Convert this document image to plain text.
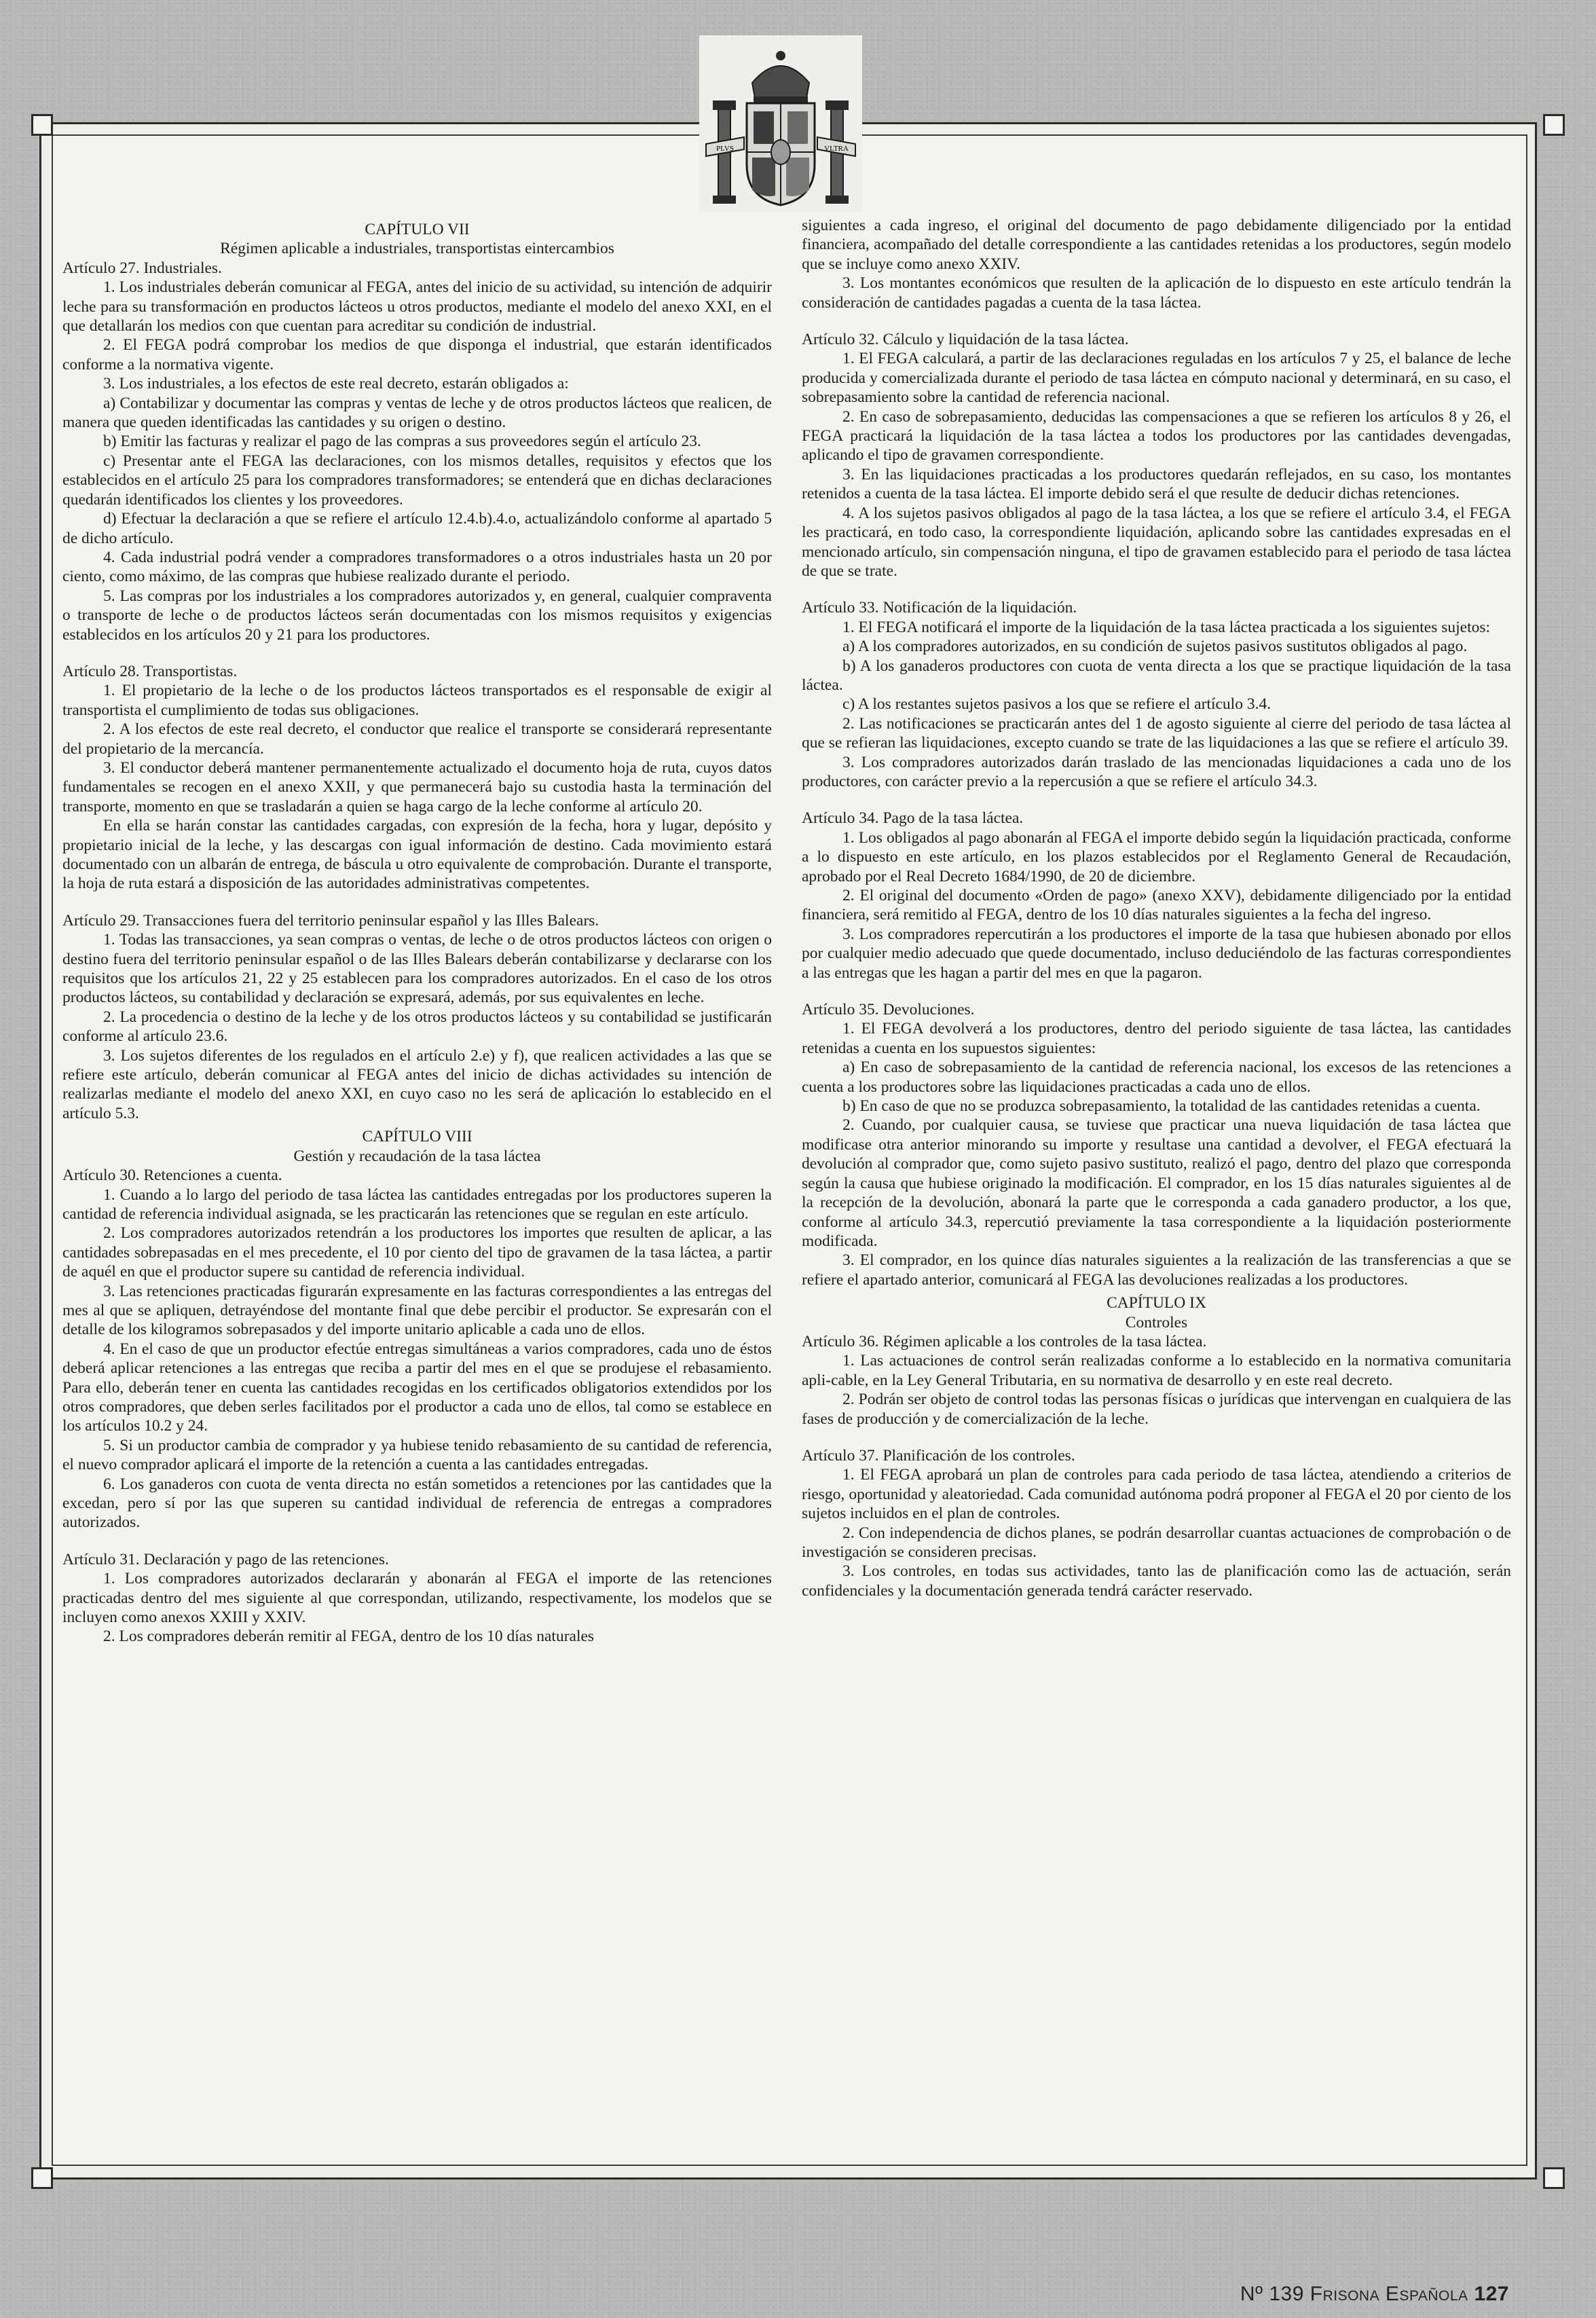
PLVS	VLTRA

CAPÍTULO VII

Régimen aplicable a industriales, transportistas eintercambios

Artículo 27. Industriales.

1. Los industriales deberán comunicar al FEGA, antes del inicio de su actividad, su intención de adquirir leche para su transformación en productos lácteos u otros productos, mediante el modelo del anexo XXI, en el que detallarán los medios con que cuentan para acreditar su condición de industrial.

2. El FEGA podrá comprobar los medios de que disponga el industrial, que estarán identificados conforme a la normativa vigente.

3. Los industriales, a los efectos de este real decreto, estarán obligados a:

a) Contabilizar y documentar las compras y ventas de leche y de otros productos lácteos que realicen, de manera que queden identificadas las cantidades y su origen o destino.

b) Emitir las facturas y realizar el pago de las compras a sus proveedores según el artículo 23.

c) Presentar ante el FEGA las declaraciones, con los mismos detalles, requisitos y efectos que los establecidos en el artículo 25 para los compradores transformadores; se entenderá que en dichas declaraciones quedarán identificados los clientes y los proveedores.

d) Efectuar la declaración a que se refiere el artículo 12.4.b).4.o, actualizándolo conforme al apartado 5 de dicho artículo.

4. Cada industrial podrá vender a compradores transformadores o a otros industriales hasta un 20 por ciento, como máximo, de las compras que hubiese realizado durante el periodo.

5. Las compras por los industriales a los compradores autorizados y, en general, cualquier compraventa o transporte de leche o de productos lácteos serán documentadas con los mismos requisitos y exigencias establecidos en los artículos 20 y 21 para los productores.

Artículo 28. Transportistas.

1. El propietario de la leche o de los productos lácteos transportados es el responsable de exigir al transportista el cumplimiento de todas sus obligaciones.

2. A los efectos de este real decreto, el conductor que realice el transporte se considerará representante del propietario de la mercancía.

3. El conductor deberá mantener permanentemente actualizado el documento hoja de ruta, cuyos datos fundamentales se recogen en el anexo XXII, y que permanecerá bajo su custodia hasta la terminación del transporte, momento en que se trasladarán a quien se haga cargo de la leche conforme al artículo 20.

En ella se harán constar las cantidades cargadas, con expresión de la fecha, hora y lugar, depósito y propietario inicial de la leche, y las descargas con igual información de destino. Cada movimiento estará documentado con un albarán de entrega, de báscula u otro equivalente de comprobación. Durante el transporte, la hoja de ruta estará a disposición de las autoridades administrativas competentes.

Artículo 29. Transacciones fuera del territorio peninsular español y las Illes Balears.

1. Todas las transacciones, ya sean compras o ventas, de leche o de otros productos lácteos con origen o destino fuera del territorio peninsular español o de las Illes Balears deberán contabilizarse y declararse con los requisitos que los artículos 21, 22 y 25 establecen para los compradores autorizados. En el caso de los otros productos lácteos, su contabilidad y declaración se expresará, además, por sus equivalentes en leche.

2. La procedencia o destino de la leche y de los otros productos lácteos y su contabilidad se justificarán conforme al artículo 23.6.

3. Los sujetos diferentes de los regulados en el artículo 2.e) y f), que realicen actividades a las que se refiere este artículo, deberán comunicar al FEGA antes del inicio de dichas actividades su intención de realizarlas mediante el modelo del anexo XXI, en cuyo caso no les será de aplicación lo establecido en el artículo 5.3.

CAPÍTULO VIII

Gestión y recaudación de la tasa láctea

Artículo 30. Retenciones a cuenta.

1. Cuando a lo largo del periodo de tasa láctea las cantidades entregadas por los productores superen la cantidad de referencia individual asignada, se les practicarán las retenciones que se regulan en este artículo.

2. Los compradores autorizados retendrán a los productores los importes que resulten de aplicar, a las cantidades sobrepasadas en el mes precedente, el 10 por ciento del tipo de gravamen de la tasa láctea, a partir de aquél en que el productor supere su cantidad de referencia individual.

3. Las retenciones practicadas figurarán expresamente en las facturas correspondientes a las entregas del mes al que se apliquen, detrayéndose del montante final que debe percibir el productor. Se expresarán con el detalle de los kilogramos sobrepasados y del importe unitario aplicable a cada uno de ellos.

4. En el caso de que un productor efectúe entregas simultáneas a varios compradores, cada uno de éstos deberá aplicar retenciones a las entregas que reciba a partir del mes en el que se produjese el rebasamiento. Para ello, deberán tener en cuenta las cantidades recogidas en los certificados obligatorios extendidos por los otros compradores, que deben serles facilitados por el productor a cada uno de ellos, tal como se establece en los artículos 10.2 y 24.

5. Si un productor cambia de comprador y ya hubiese tenido rebasamiento de su cantidad de referencia, el nuevo comprador aplicará el importe de la retención a cuenta a las cantidades entregadas.

6. Los ganaderos con cuota de venta directa no están sometidos a retenciones por las cantidades que la excedan, pero sí por las que superen su cantidad individual de referencia de entregas a compradores autorizados.

Artículo 31. Declaración y pago de las retenciones.

1. Los compradores autorizados declararán y abonarán al FEGA el importe de las retenciones practicadas dentro del mes siguiente al que correspondan, utilizando, respectivamente, los modelos que se incluyen como anexos XXIII y XXIV.

2. Los compradores deberán remitir al FEGA, dentro de los 10 días naturales

siguientes a cada ingreso, el original del documento de pago debidamente diligenciado por la entidad financiera, acompañado del detalle correspondiente a las cantidades retenidas a los productores, según modelo que se incluye como anexo XXIV.

3. Los montantes económicos que resulten de la aplicación de lo dispuesto en este artículo tendrán la consideración de cantidades pagadas a cuenta de la tasa láctea.

Artículo 32. Cálculo y liquidación de la tasa láctea.

1. El FEGA calculará, a partir de las declaraciones reguladas en los artículos 7 y 25, el balance de leche producida y comercializada durante el periodo de tasa láctea en cómputo nacional y determinará, en su caso, el sobrepasamiento sobre la cantidad de referencia nacional.

2. En caso de sobrepasamiento, deducidas las compensaciones a que se refieren los artículos 8 y 26, el FEGA practicará la liquidación de la tasa láctea a todos los productores por las cantidades devengadas, aplicando el tipo de gravamen correspondiente.

3. En las liquidaciones practicadas a los productores quedarán reflejados, en su caso, los montantes retenidos a cuenta de la tasa láctea. El importe debido será el que resulte de deducir dichas retenciones.

4. A los sujetos pasivos obligados al pago de la tasa láctea, a los que se refiere el artículo 3.4, el FEGA les practicará, en todo caso, la correspondiente liquidación, aplicando sobre las cantidades expresadas en el mencionado artículo, sin compensación ninguna, el tipo de gravamen establecido para el periodo de tasa láctea de que se trate.

Artículo 33. Notificación de la liquidación.

1. El FEGA notificará el importe de la liquidación de la tasa láctea practicada a los siguientes sujetos:

a) A los compradores autorizados, en su condición de sujetos pasivos sustitutos obligados al pago.

b) A los ganaderos productores con cuota de venta directa a los que se practique liquidación de la tasa láctea.

c) A los restantes sujetos pasivos a los que se refiere el artículo 3.4.

2. Las notificaciones se practicarán antes del 1 de agosto siguiente al cierre del periodo de tasa láctea al que se refieran las liquidaciones, excepto cuando se trate de las liquidaciones a las que se refiere el artículo 39.

3. Los compradores autorizados darán traslado de las mencionadas liquidaciones a cada uno de los productores, con carácter previo a la repercusión a que se refiere el artículo 34.3.

Artículo 34. Pago de la tasa láctea.

1. Los obligados al pago abonarán al FEGA el importe debido según la liquidación practicada, conforme a lo dispuesto en este artículo, en los plazos establecidos por el Reglamento General de Recaudación, aprobado por el Real Decreto 1684/1990, de 20 de diciembre.

2. El original del documento «Orden de pago» (anexo XXV), debidamente diligenciado por la entidad financiera, será remitido al FEGA, dentro de los 10 días naturales siguientes a la fecha del ingreso.

3. Los compradores repercutirán a los productores el importe de la tasa que hubiesen abonado por ellos por cualquier medio adecuado que quede documentado, incluso deduciéndolo de las facturas correspondientes a las entregas que les hagan a partir del mes en que la pagaron.

Artículo 35. Devoluciones.

1. El FEGA devolverá a los productores, dentro del periodo siguiente de tasa láctea, las cantidades retenidas a cuenta en los supuestos siguientes:

a) En caso de sobrepasamiento de la cantidad de referencia nacional, los excesos de las retenciones a cuenta a los productores sobre las liquidaciones practicadas a cada uno de ellos.

b) En caso de que no se produzca sobrepasamiento, la totalidad de las cantidades retenidas a cuenta.

2. Cuando, por cualquier causa, se tuviese que practicar una nueva liquidación de tasa láctea que modificase otra anterior minorando su importe y resultase una cantidad a devolver, el FEGA efectuará la devolución al comprador que, como sujeto pasivo sustituto, realizó el pago, dentro del plazo que corresponda según la causa que hubiese originado la modificación. El comprador, en los 15 días naturales siguientes al de la recepción de la devolución, abonará la parte que le corresponda a cada ganadero productor, a los que, conforme al artículo 34.3, repercutió previamente la tasa correspondiente a la liquidación posteriormente modificada.

3. El comprador, en los quince días naturales siguientes a la realización de las transferencias a que se refiere el apartado anterior, comunicará al FEGA las devoluciones realizadas a los productores.

CAPÍTULO IX

Controles

Artículo 36. Régimen aplicable a los controles de la tasa láctea.

1. Las actuaciones de control serán realizadas conforme a lo establecido en la normativa comunitaria apli-cable, en la Ley General Tributaria, en su normativa de desarrollo y en este real decreto.

2. Podrán ser objeto de control todas las personas físicas o jurídicas que intervengan en cualquiera de las fases de producción y de comercialización de la leche.

Artículo 37. Planificación de los controles.

1. El FEGA aprobará un plan de controles para cada periodo de tasa láctea, atendiendo a criterios de riesgo, oportunidad y aleatoriedad. Cada comunidad autónoma podrá proponer al FEGA el 20 por ciento de los sujetos incluidos en el plan de controles.

2. Con independencia de dichos planes, se podrán desarrollar cuantas actuaciones de comprobación o de investigación se consideren precisas.

3. Los controles, en todas sus actividades, tanto las de planificación como las de actuación, serán confidenciales y la documentación generada tendrá carácter reservado.

Nº 139 Frisona Española 127
